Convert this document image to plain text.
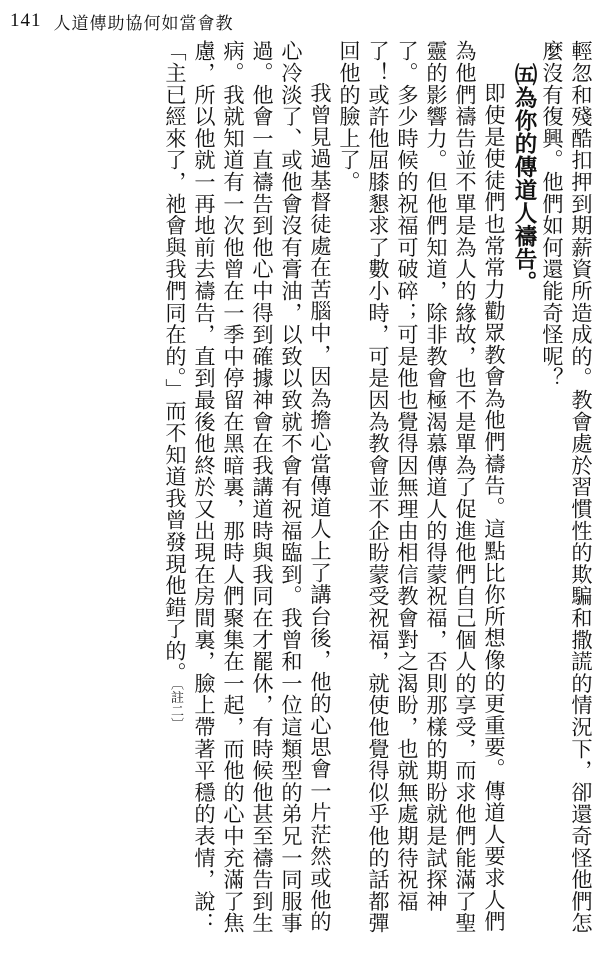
141 人道傳助協何如當會教

輕忽和殘酷扣押到期薪資所造成的。教會處於習慣性的欺騙和撒謊的情況下，卻還奇怪他們怎麼沒有復興。他們如何還能奇怪呢？

㈤為你的傳道人禱告。

即使是使徒們也常常力勸眾教會為他們禱告。這點比你所想像的更重要。傳道人要求人們為他們禱告並不單是為人的緣故，也不是單為了促進他們自己個人的享受，而求他們能滿了聖靈的影響力。但他們知道，除非教會極渴慕傳道人的得蒙祝福，否則那樣的期盼就是試探神了。多少時候的祝福可破碎；可是他也覺得因無理由相信教會對之渴盼，也就無處期待祝福了！或許他屈膝懇求了數小時，可是因為教會並不企盼蒙受祝福，就使他覺得似乎他的話都彈回他的臉上了。

我曾見過基督徒處在苦腦中，因為擔心當傳道人上了講台後，他的心思會一片茫然或他的心冷淡了、或他會沒有膏油，以致以致就不會有祝福臨到。我曾和一位這類型的弟兄一同服事過。他會一直禱告到他心中得到確據神會在我講道時與我同在才罷休，有時候他甚至禱告到生病。我就知道有一次他曾在一季中停留在黑暗裏，那時人們聚集在一起，而他的心中充滿了焦慮，所以他就一再地前去禱告，直到最後他終於又出現在房間裏，臉上帶著平穩的表情，說：「主已經來了，祂會與我們同在的。」而不知道我曾發現他錯了的。〔註二〕
